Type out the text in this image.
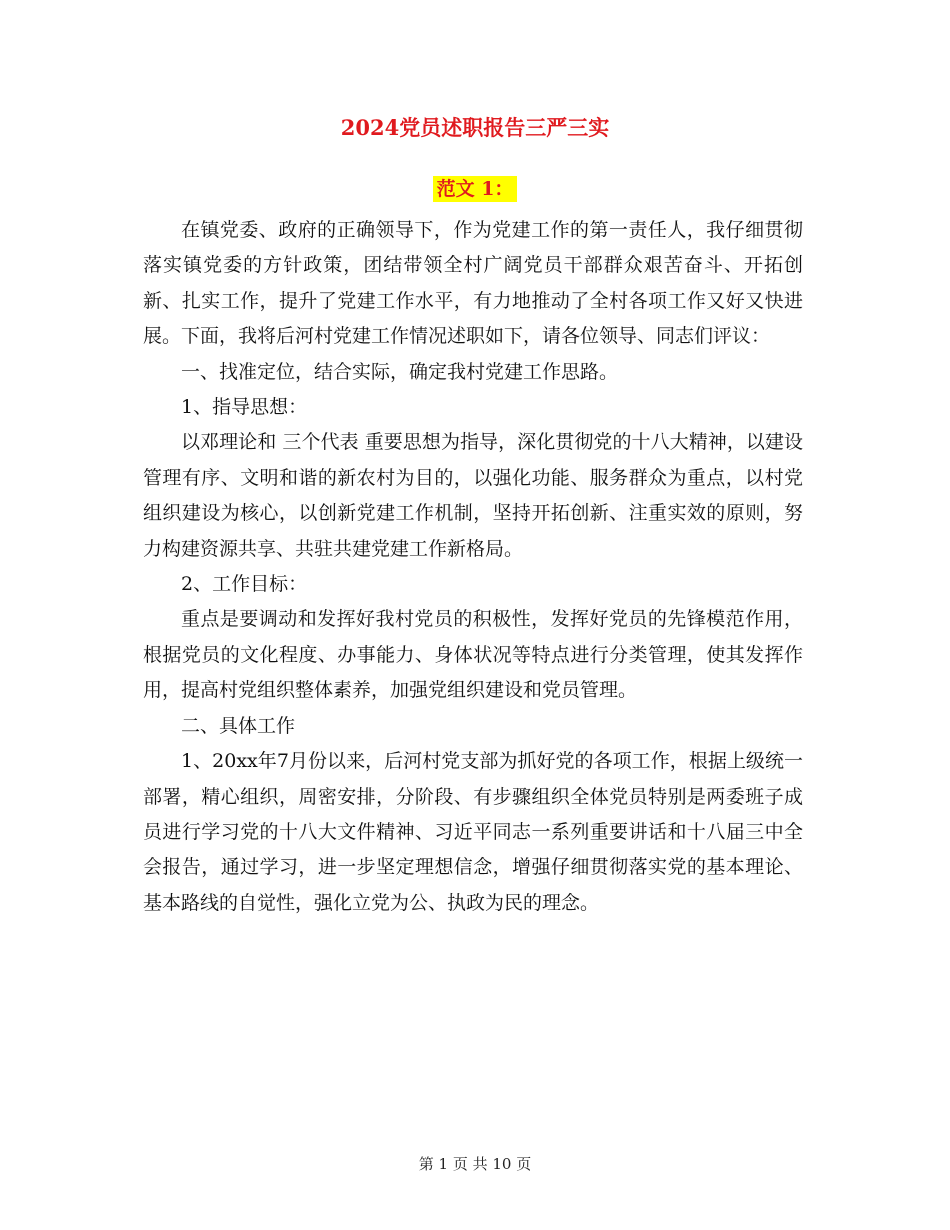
2024党员述职报告三严三实
范文 1：

在镇党委、政府的正确领导下，作为党建工作的第一责任人，我仔细贯彻落实镇党委的方针政策，团结带领全村广阔党员干部群众艰苦奋斗、开拓创新、扎实工作，提升了党建工作水平，有力地推动了全村各项工作又好又快进展。下面，我将后河村党建工作情况述职如下，请各位领导、同志们评议：

一、找准定位，结合实际，确定我村党建工作思路。

1、指导思想：

以邓理论和 三个代表 重要思想为指导，深化贯彻党的十八大精神，以建设管理有序、文明和谐的新农村为目的，以强化功能、服务群众为重点，以村党组织建设为核心，以创新党建工作机制，坚持开拓创新、注重实效的原则，努力构建资源共享、共驻共建党建工作新格局。

2、工作目标：

重点是要调动和发挥好我村党员的积极性，发挥好党员的先锋模范作用，根据党员的文化程度、办事能力、身体状况等特点进行分类管理，使其发挥作用，提高村党组织整体素养，加强党组织建设和党员管理。

二、具体工作

1、20xx年7月份以来，后河村党支部为抓好党的各项工作，根据上级统一部署，精心组织，周密安排，分阶段、有步骤组织全体党员特别是两委班子成员进行学习党的十八大文件精神、习近平同志一系列重要讲话和十八届三中全会报告，通过学习，进一步坚定理想信念，增强仔细贯彻落实党的基本理论、基本路线的自觉性，强化立党为公、执政为民的理念。

第 1 页 共 10 页
